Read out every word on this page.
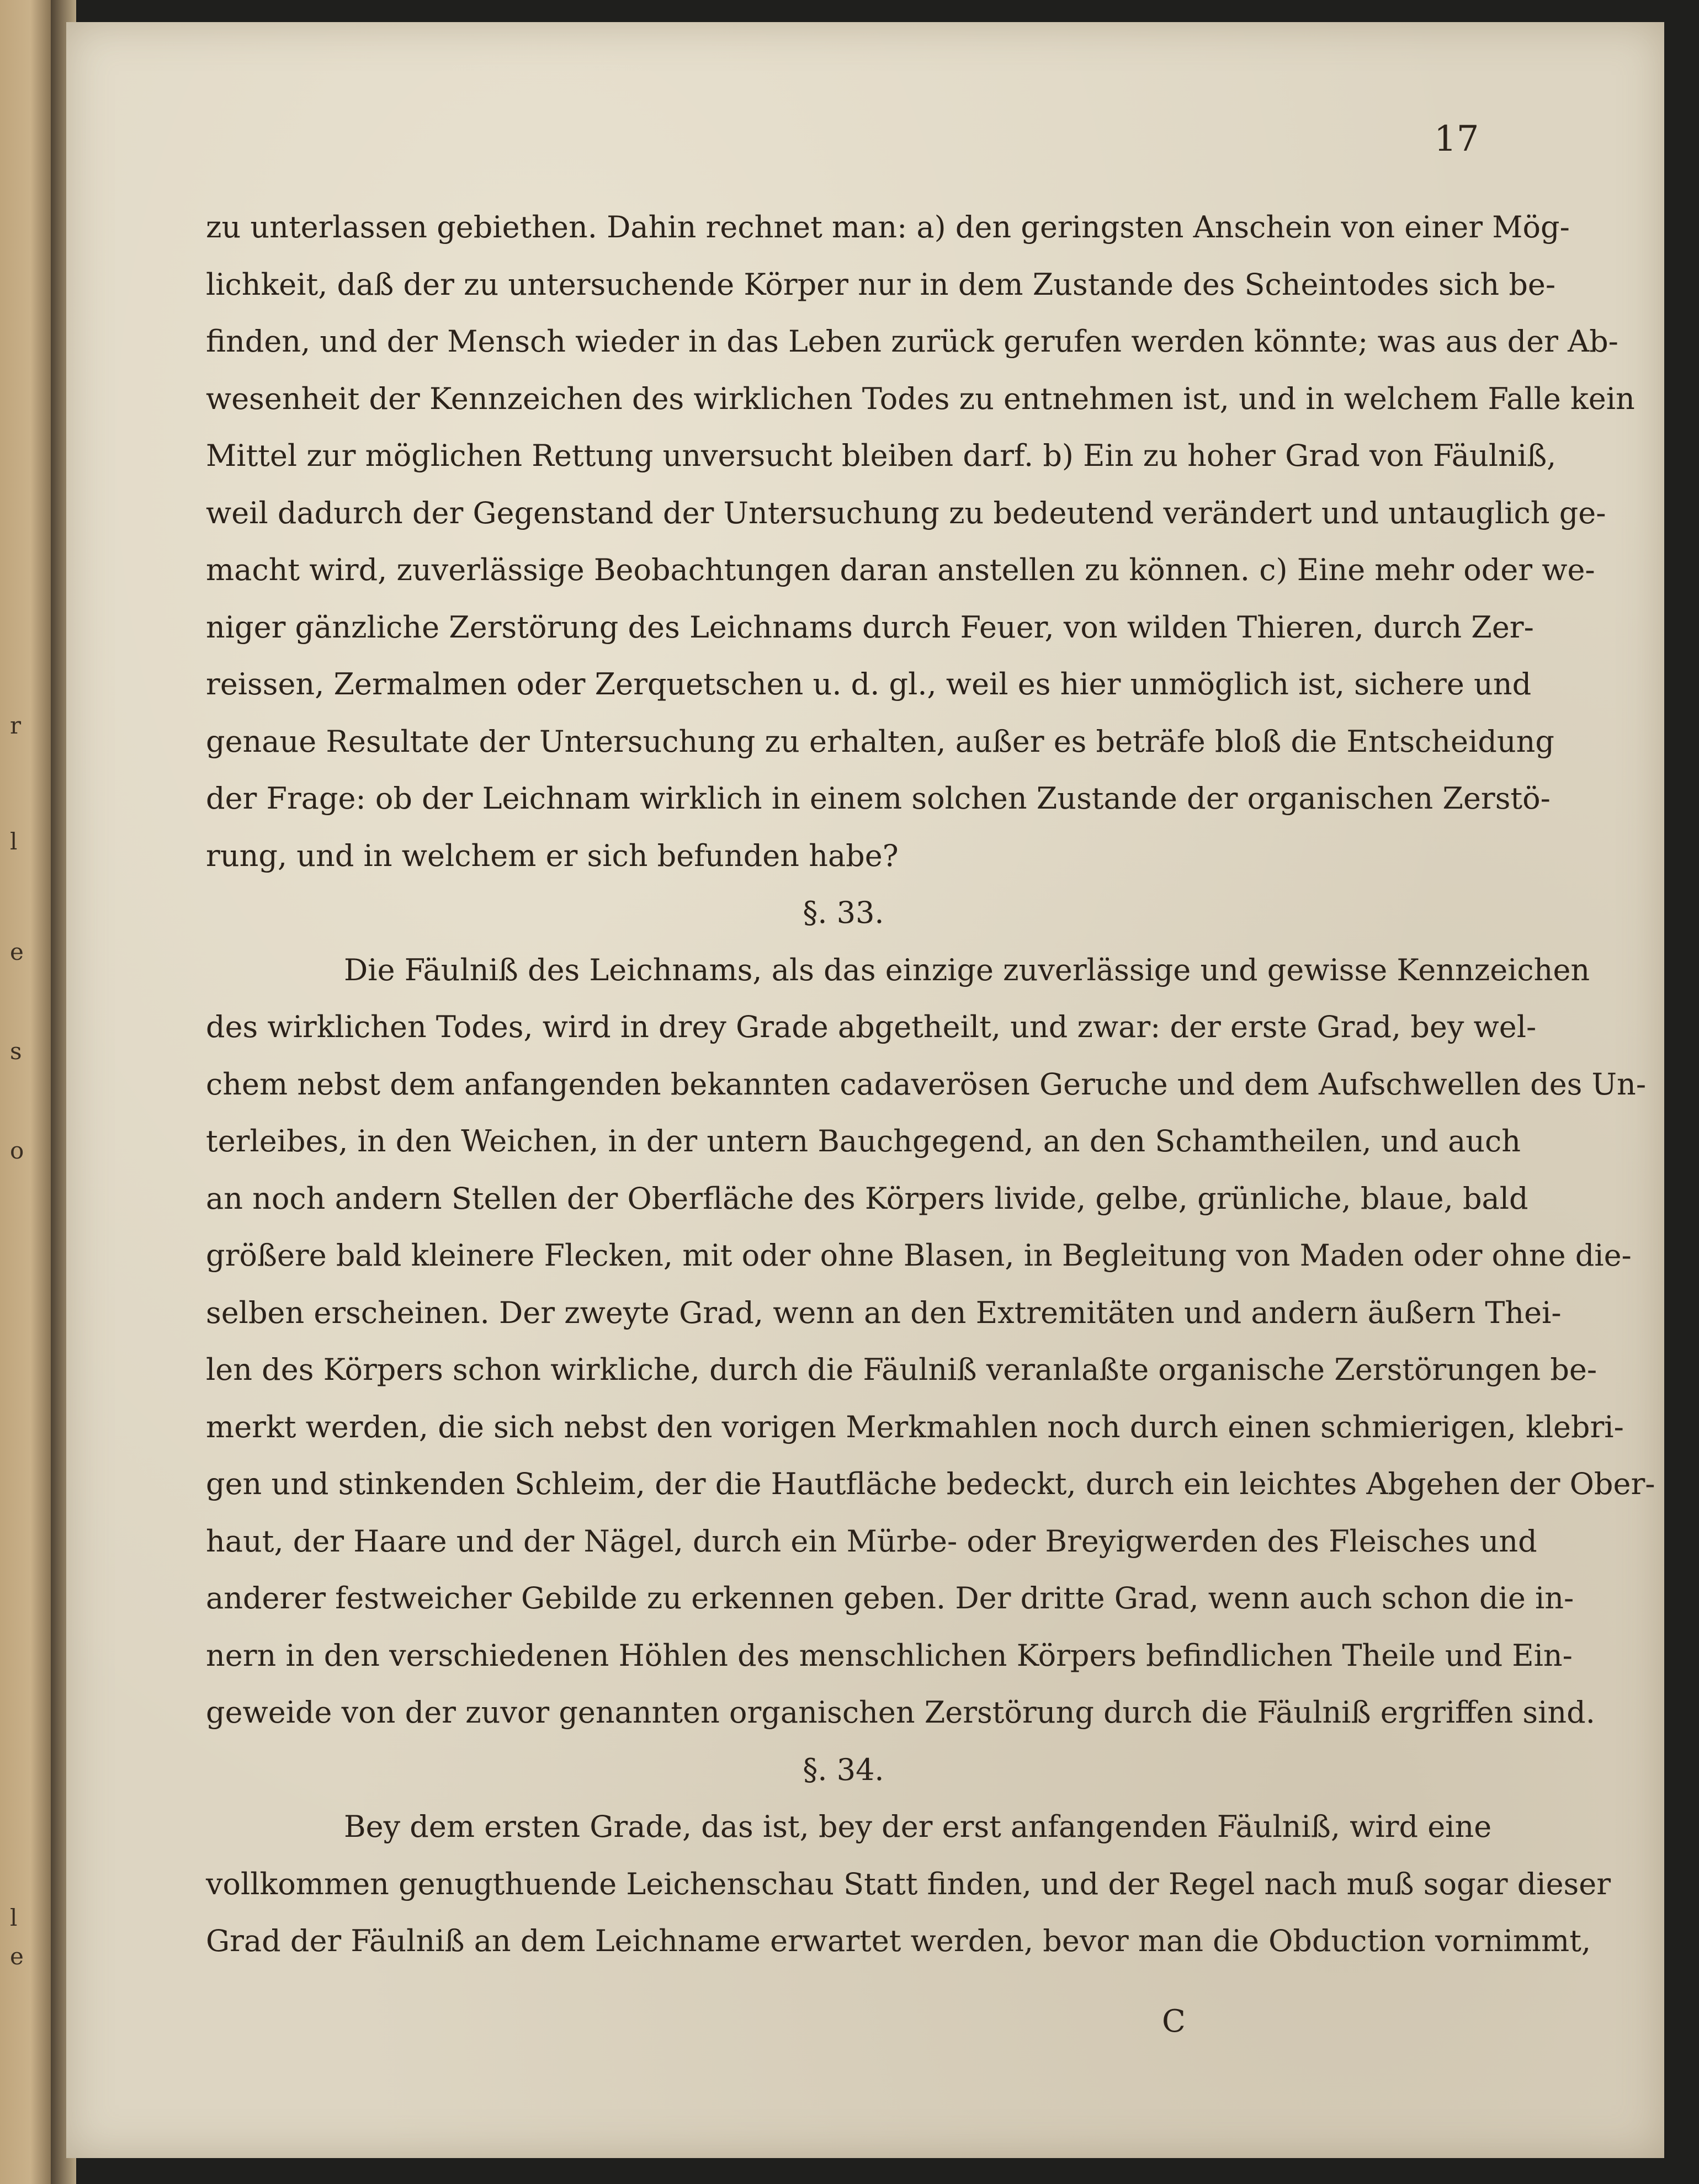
r
l
e
s
o
l
e
17
zu unterlassen gebiethen. Dahin rechnet man: a) den geringsten Anschein von einer Mög-
lichkeit, daß der zu untersuchende Körper nur in dem Zustande des Scheintodes sich be-
finden, und der Mensch wieder in das Leben zurück gerufen werden könnte; was aus der Ab-
wesenheit der Kennzeichen des wirklichen Todes zu entnehmen ist, und in welchem Falle kein
Mittel zur möglichen Rettung unversucht bleiben darf. b) Ein zu hoher Grad von Fäulniß,
weil dadurch der Gegenstand der Untersuchung zu bedeutend verändert und untauglich ge-
macht wird, zuverlässige Beobachtungen daran anstellen zu können. c) Eine mehr oder we-
niger gänzliche Zerstörung des Leichnams durch Feuer, von wilden Thieren, durch Zer-
reissen, Zermalmen oder Zerquetschen u. d. gl., weil es hier unmöglich ist, sichere und
genaue Resultate der Untersuchung zu erhalten, außer es beträfe bloß die Entscheidung
der Frage: ob der Leichnam wirklich in einem solchen Zustande der organischen Zerstö-
rung, und in welchem er sich befunden habe?
§. 33.
Die Fäulniß des Leichnams, als das einzige zuverlässige und gewisse Kennzeichen
des wirklichen Todes, wird in drey Grade abgetheilt, und zwar: der erste Grad, bey wel-
chem nebst dem anfangenden bekannten cadaverösen Geruche und dem Aufschwellen des Un-
terleibes, in den Weichen, in der untern Bauchgegend, an den Schamtheilen, und auch
an noch andern Stellen der Oberfläche des Körpers livide, gelbe, grünliche, blaue, bald
größere bald kleinere Flecken, mit oder ohne Blasen, in Begleitung von Maden oder ohne die-
selben erscheinen. Der zweyte Grad, wenn an den Extremitäten und andern äußern Thei-
len des Körpers schon wirkliche, durch die Fäulniß veranlaßte organische Zerstörungen be-
merkt werden, die sich nebst den vorigen Merkmahlen noch durch einen schmierigen, klebri-
gen und stinkenden Schleim, der die Hautfläche bedeckt, durch ein leichtes Abgehen der Ober-
haut, der Haare und der Nägel, durch ein Mürbe- oder Breyigwerden des Fleisches und
anderer festweicher Gebilde zu erkennen geben. Der dritte Grad, wenn auch schon die in-
nern in den verschiedenen Höhlen des menschlichen Körpers befindlichen Theile und Ein-
geweide von der zuvor genannten organischen Zerstörung durch die Fäulniß ergriffen sind.
§. 34.
Bey dem ersten Grade, das ist, bey der erst anfangenden Fäulniß, wird eine
vollkommen genugthuende Leichenschau Statt finden, und der Regel nach muß sogar dieser
Grad der Fäulniß an dem Leichname erwartet werden, bevor man die Obduction vornimmt,
C
